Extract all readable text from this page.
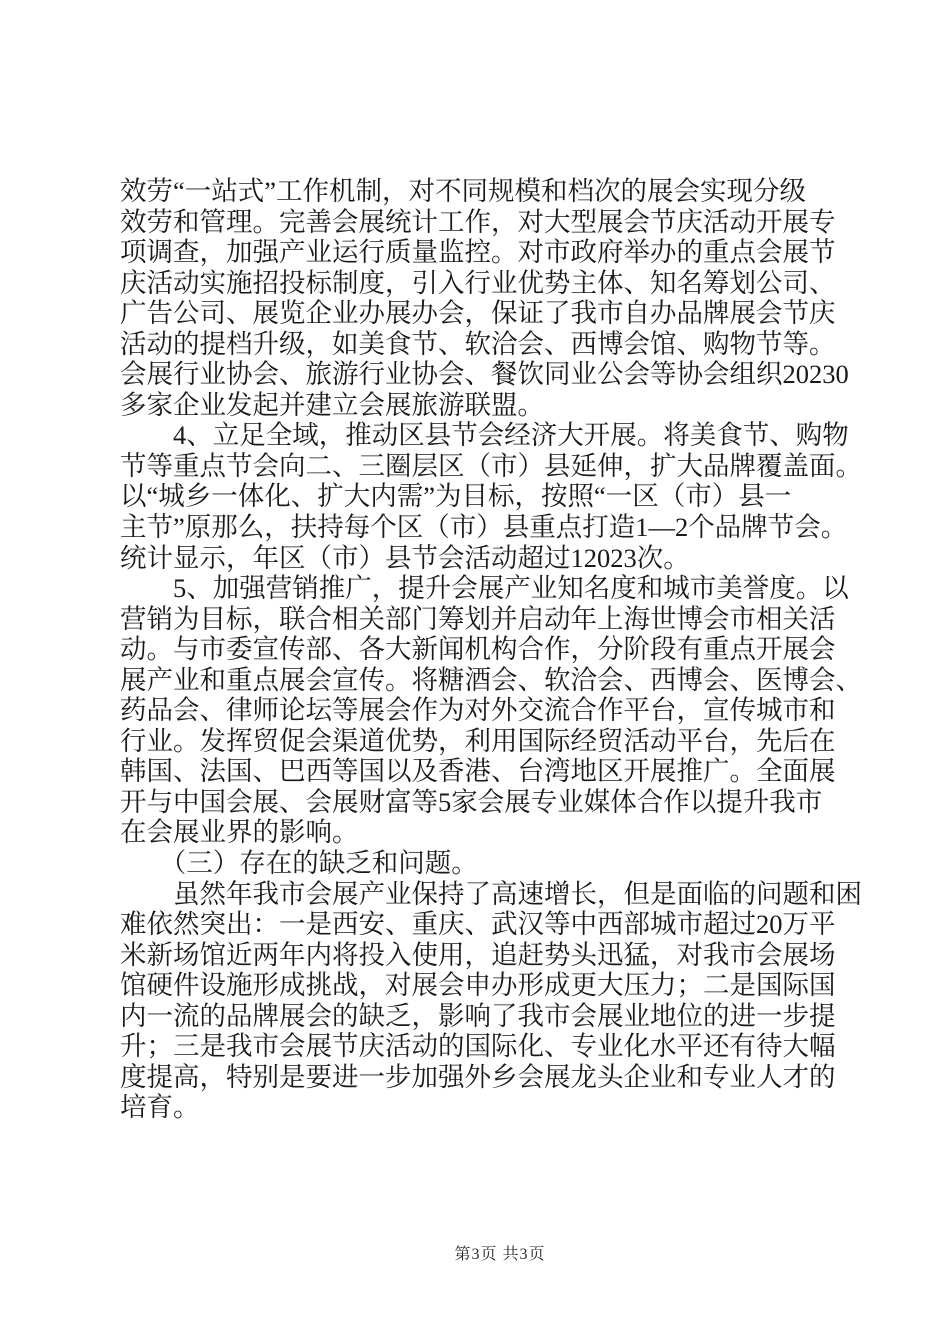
效劳“一站式”工作机制，对不同规模和档次的展会实现分级
效劳和管理。完善会展统计工作，对大型展会节庆活动开展专
项调查，加强产业运行质量监控。对市政府举办的重点会展节
庆活动实施招投标制度，引入行业优势主体、知名筹划公司、
广告公司、展览企业办展办会，保证了我市自办品牌展会节庆
活动的提档升级，如美食节、软洽会、西博会馆、购物节等。
会展行业协会、旅游行业协会、餐饮同业公会等协会组织20230
多家企业发起并建立会展旅游联盟。
　　4、立足全域，推动区县节会经济大开展。将美食节、购物
节等重点节会向二、三圈层区（市）县延伸，扩大品牌覆盖面。
以“城乡一体化、扩大内需”为目标，按照“一区（市）县一
主节”原那么，扶持每个区（市）县重点打造1—2个品牌节会。
统计显示，年区（市）县节会活动超过12023次。
　　5、加强营销推广，提升会展产业知名度和城市美誉度。以
营销为目标，联合相关部门筹划并启动年上海世博会市相关活
动。与市委宣传部、各大新闻机构合作，分阶段有重点开展会
展产业和重点展会宣传。将糖酒会、软洽会、西博会、医博会、
药品会、律师论坛等展会作为对外交流合作平台，宣传城市和
行业。发挥贸促会渠道优势，利用国际经贸活动平台，先后在
韩国、法国、巴西等国以及香港、台湾地区开展推广。全面展
开与中国会展、会展财富等5家会展专业媒体合作以提升我市
在会展业界的影响。
　　（三）存在的缺乏和问题。
　　虽然年我市会展产业保持了高速增长，但是面临的问题和困
难依然突出：一是西安、重庆、武汉等中西部城市超过20万平
米新场馆近两年内将投入使用，追赶势头迅猛，对我市会展场
馆硬件设施形成挑战，对展会申办形成更大压力；二是国际国
内一流的品牌展会的缺乏，影响了我市会展业地位的进一步提
升；三是我市会展节庆活动的国际化、专业化水平还有待大幅
度提高，特别是要进一步加强外乡会展龙头企业和专业人才的
培育。
第3页 共3页
